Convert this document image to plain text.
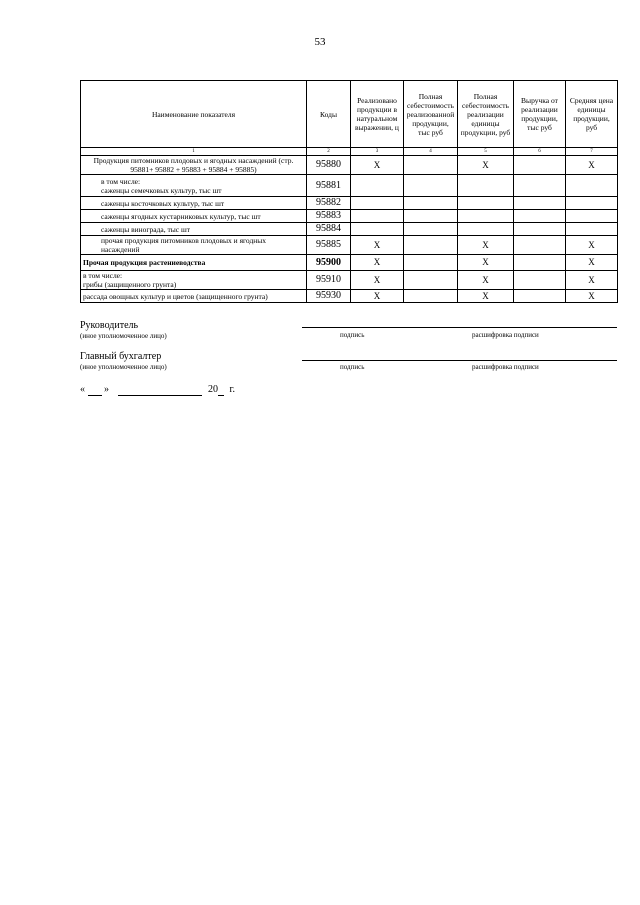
53
Наименование показателя	Коды	Реализовано продукции в натуральном выражении, ц	Полная себестоимость реализованной продукции, тыс руб	Полная себестоимость реализации единицы продукции, руб	Выручка от реализации продукции, тыс руб	Средняя цена единицы продукции, руб
1	2	3	4	5	6	7
Продукция питомников плодовых и ягодных насаждений (стр. 95881+ 95882 + 95883 + 95884 + 95885)	95880	X		X		X
в том числе:
саженцы семечковых культур, тыс шт	95881					
саженцы косточковых культур, тыс шт	95882					
саженцы ягодных кустарниковых культур, тыс шт	95883					
саженцы винограда, тыс шт	95884					
прочая продукция питомников плодовых и ягодных насаждений	95885	X		X		X
Прочая продукция растениеводства	95900	X		X		X
в том числе:
грибы (защищенного грунта)	95910	X		X		X
рассада овощных культур и цветов (защищенного грунта)	95930	X		X		X
Руководитель
(иное уполномоченное лицо)	подпись	расшифровка подписи
Главный бухгалтер
(иное уполномоченное лицо)	подпись	расшифровка подписи
« »	20 г.
